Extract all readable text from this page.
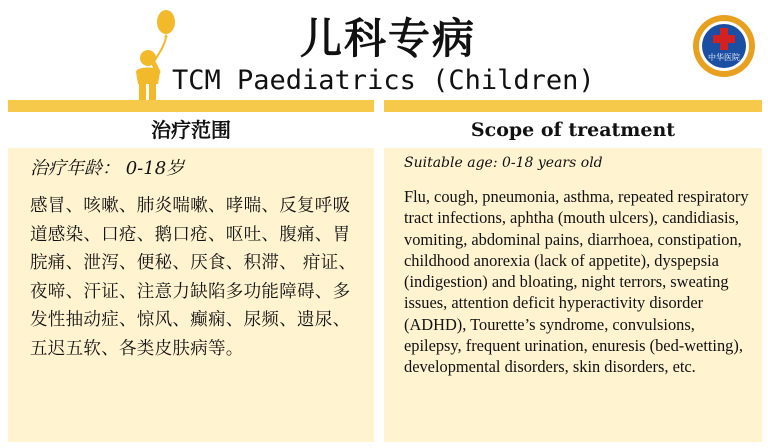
儿科专病
TCM Paediatrics (Children)
中华医院
治疗范围	Scope of treatment
治疗年龄： 0-18岁
感冒、咳嗽、肺炎喘嗽、哮喘、反复呼吸道感染、口疮、鹅口疮、呕吐、腹痛、胃脘痛、泄泻、便秘、厌食、积滞、 疳证、夜啼、汗证、注意力缺陷多功能障碍、多发性抽动症、惊风、癫痫、尿频、遗尿、五迟五软、各类皮肤病等。
Suitable age: 0-18 years old
Flu, cough, pneumonia, asthma, repeated respiratory tract infections, aphtha (mouth ulcers), candidiasis, vomiting, abdominal pains, diarrhoea, constipation, childhood anorexia (lack of appetite), dyspepsia (indigestion) and bloating, night terrors, sweating issues, attention deficit hyperactivity disorder (ADHD), Tourette’s syndrome, convulsions, epilepsy, frequent urination, enuresis (bed-wetting), developmental disorders, skin disorders, etc.
